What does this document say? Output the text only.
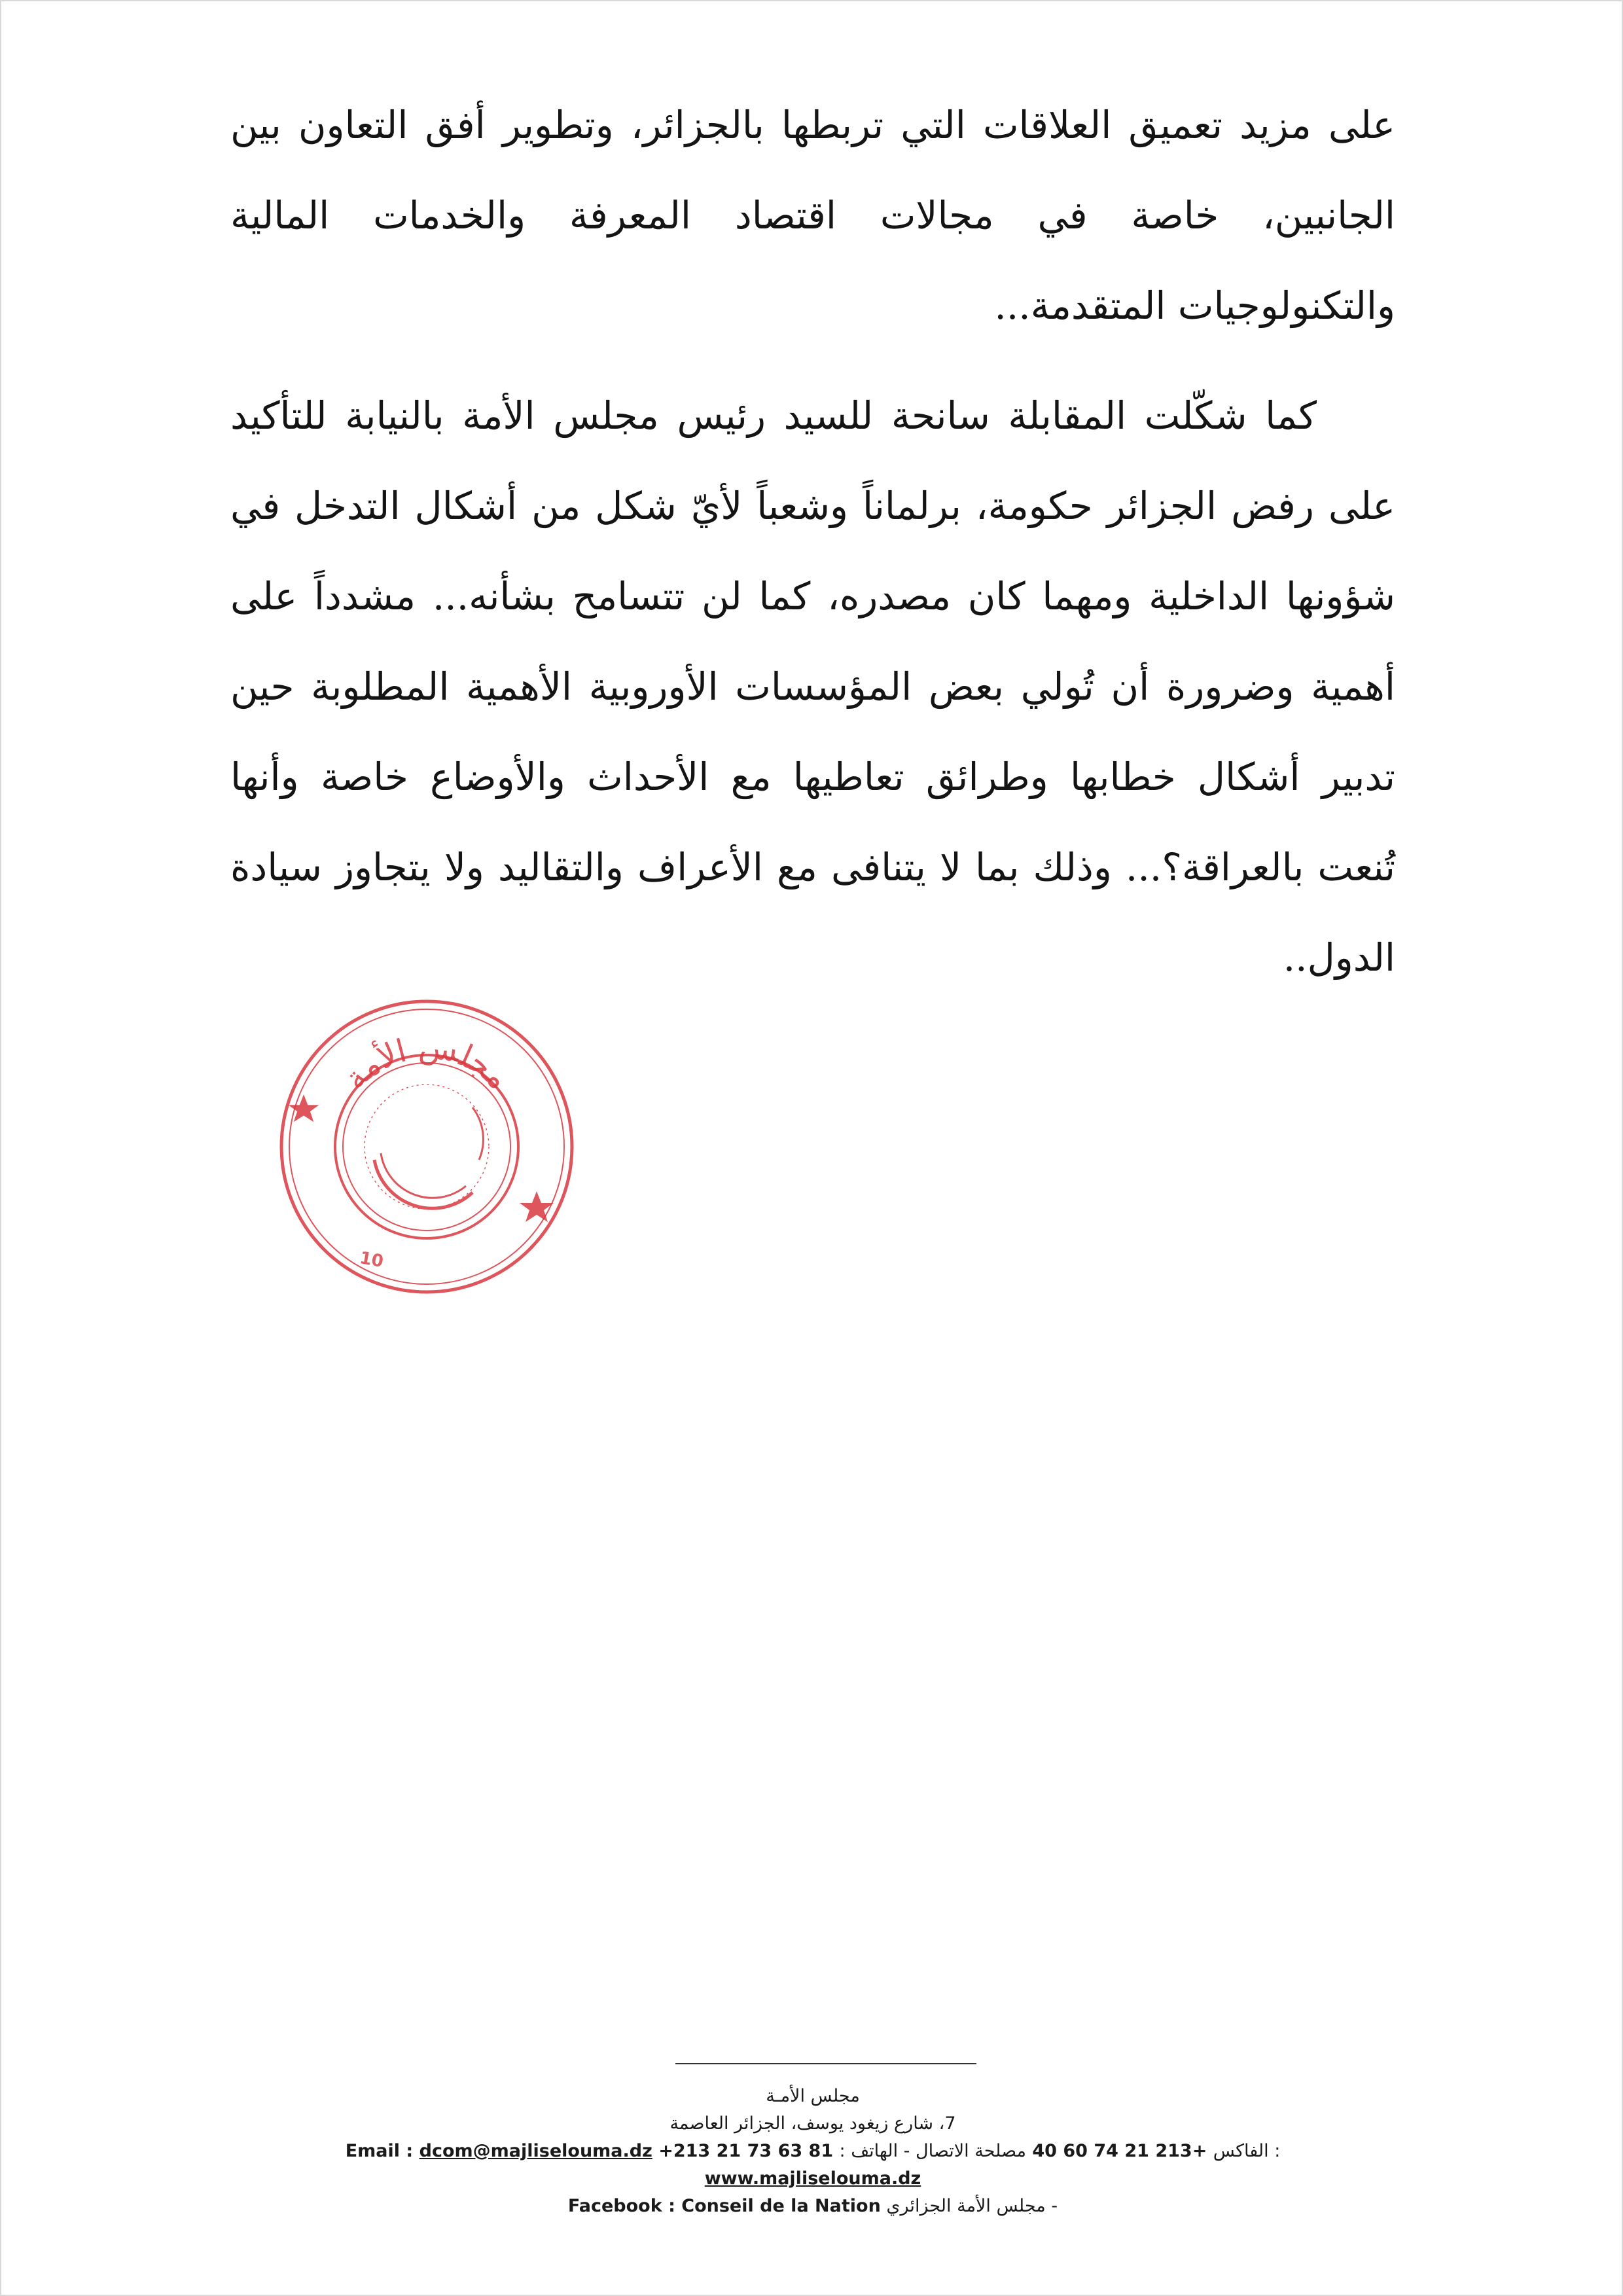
على مزيد تعميق العلاقات التي تربطها بالجزائر، وتطوير أفق التعاون بين الجانبين، خاصة في مجالات اقتصاد المعرفة والخدمات المالية والتكنولوجيات المتقدمة...

كما شكّلت المقابلة سانحة للسيد رئيس مجلس الأمة بالنيابة للتأكيد على رفض الجزائر حكومة، برلماناً وشعباً لأيّ شكل من أشكال التدخل في شؤونها الداخلية ومهما كان مصدره، كما لن تتسامح بشأنه... مشدداً على أهمية وضرورة أن تُولي بعض المؤسسات الأوروبية الأهمية المطلوبة حين تدبير أشكال خطابها وطرائق تعاطيها مع الأحداث والأوضاع خاصة وأنها تُنعت بالعراقة؟... وذلك بما لا يتنافى مع الأعراف والتقاليد ولا يتجاوز سيادة الدول..

مجلس الأمة
10
مجلس الأمـة
7، شارع زيغود يوسف، الجزائر العاصمة
Email : dcom@majliselouma.dz +213 21 73 63 81	: الفاكس +213 21 74 60 40 مصلحة الاتصال - الهاتف :
www.majliselouma.dz
Facebook : Conseil de la Nation - مجلس الأمة الجزائري
